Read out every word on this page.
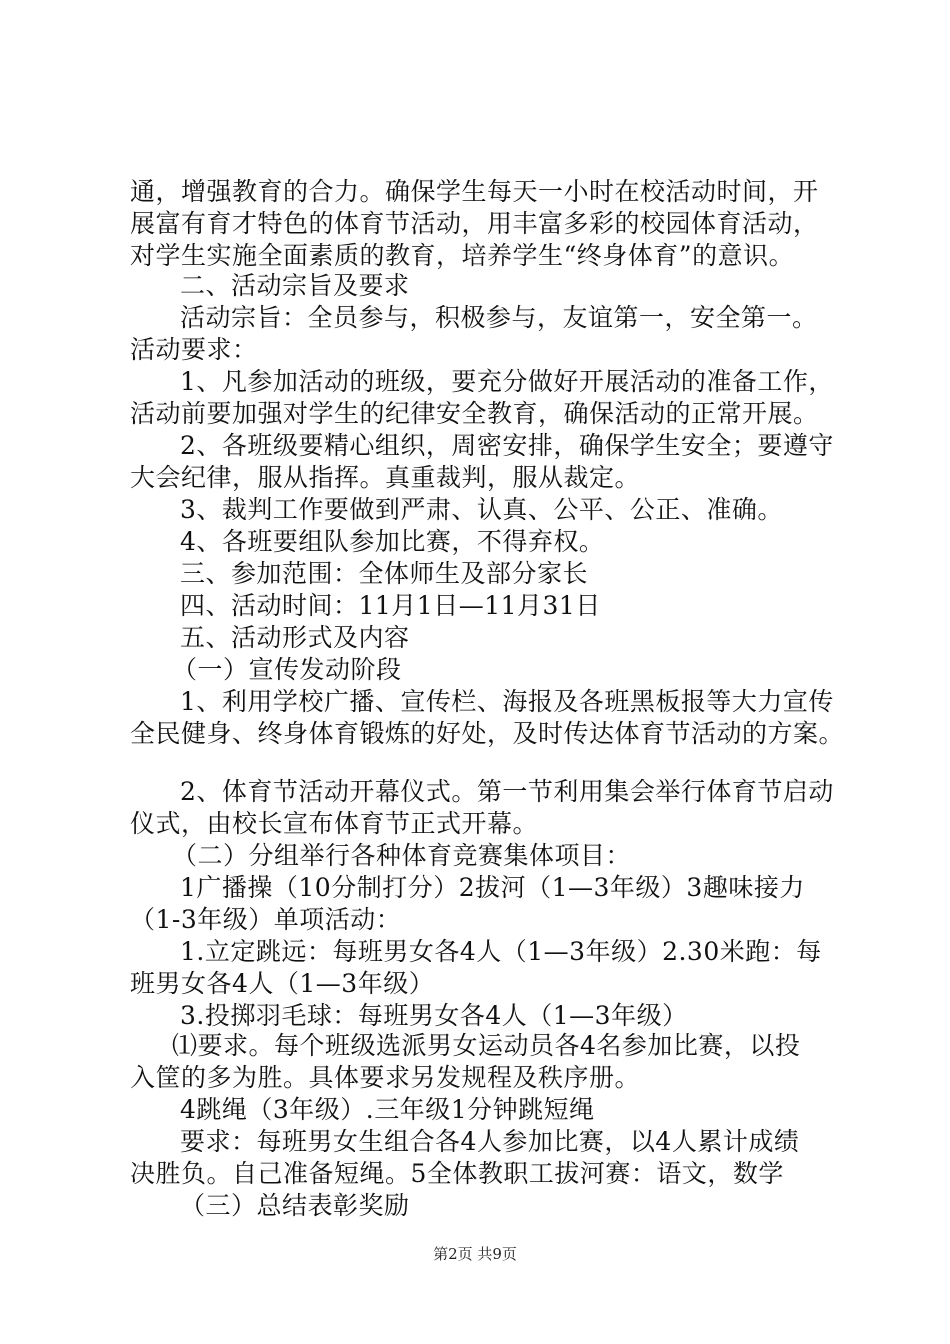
通，增强教育的合力。确保学生每天一小时在校活动时间，开
展富有育才特色的体育节活动，用丰富多彩的校园体育活动，
对学生实施全面素质的教育，培养学生“终身体育”的意识。
二、活动宗旨及要求
活动宗旨：全员参与，积极参与，友谊第一，安全第一。
活动要求：
1、凡参加活动的班级，要充分做好开展活动的准备工作，
活动前要加强对学生的纪律安全教育，确保活动的正常开展。
2、各班级要精心组织，周密安排，确保学生安全；要遵守
大会纪律，服从指挥。真重裁判，服从裁定。
3、裁判工作要做到严肃、认真、公平、公正、准确。
4、各班要组队参加比赛，不得弃权。
三、参加范围：全体师生及部分家长
四、活动时间：11月1日—11月31日
五、活动形式及内容
（一）宣传发动阶段
1、利用学校广播、宣传栏、海报及各班黑板报等大力宣传
全民健身、终身体育锻炼的好处，及时传达体育节活动的方案。
2、体育节活动开幕仪式。第一节利用集会举行体育节启动
仪式，由校长宣布体育节正式开幕。
（二）分组举行各种体育竞赛集体项目：
1广播操（10分制打分）2拔河（1—3年级）3趣味接力
（1-3年级）单项活动：
1.立定跳远：每班男女各4人（1—3年级）2.30米跑：每
班男女各4人（1—3年级）
3.投掷羽毛球：每班男女各4人（1—3年级）
⑴要求。每个班级选派男女运动员各4名参加比赛，以投
入筐的多为胜。具体要求另发规程及秩序册。
4跳绳（3年级）.三年级1分钟跳短绳
要求：每班男女生组合各4人参加比赛，以4人累计成绩
决胜负。自己准备短绳。5全体教职工拔河赛：语文，数学
（三）总结表彰奖励
第2页 共9页
